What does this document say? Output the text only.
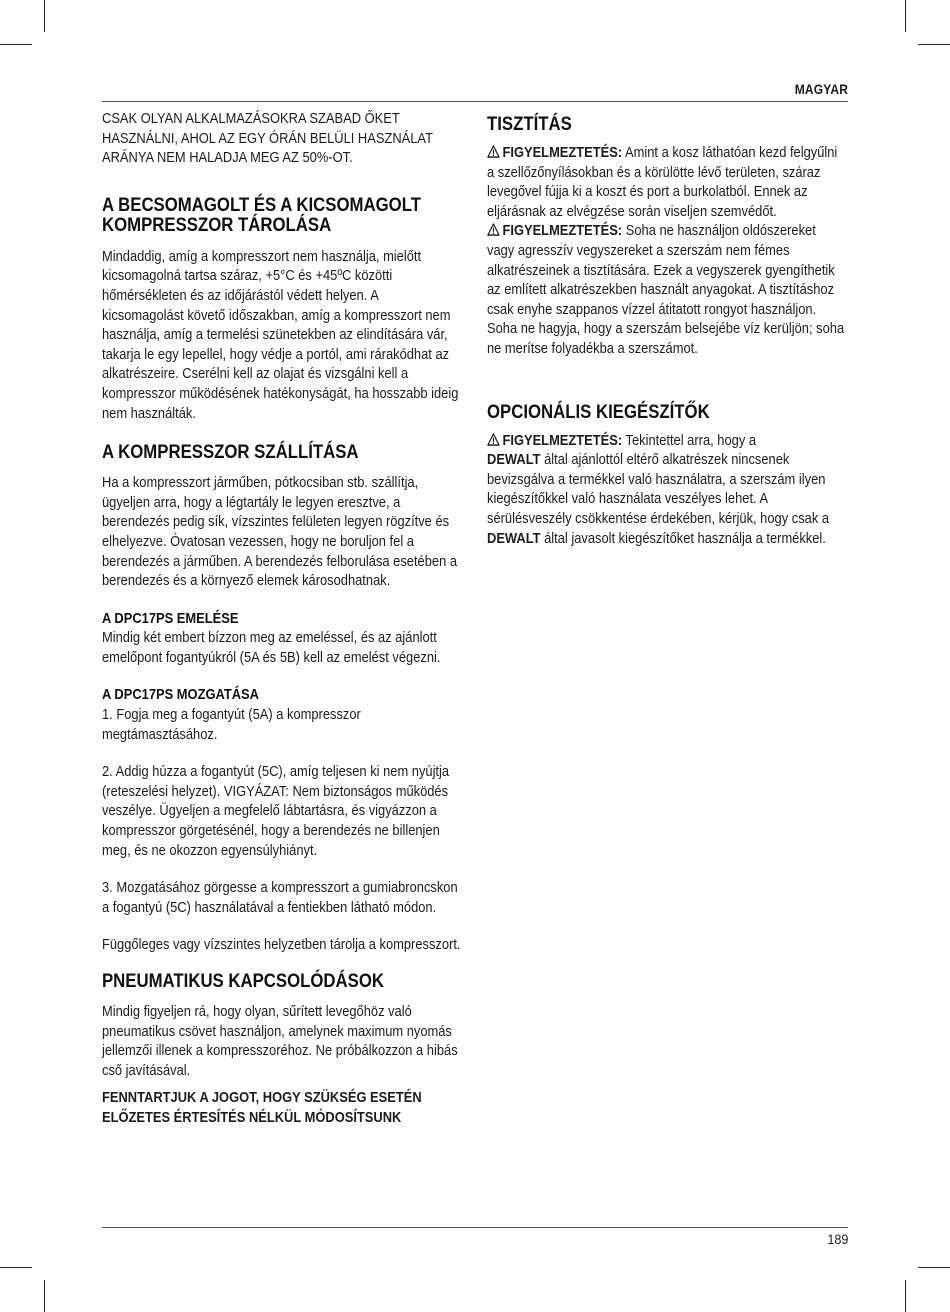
MAGYAR

CSAK OLYAN ALKALMAZÁSOKRA SZABAD ŐKET HASZNÁLNI, AHOL AZ EGY ÓRÁN BELÜLI HASZNÁLAT ARÁNYA NEM HALADJA MEG AZ 50%-OT.

A BECSOMAGOLT ÉS A KICSOMAGOLT KOMPRESSZOR TÁROLÁSA

Mindaddig, amíg a kompresszort nem használja, mielőtt kicsomagolná tartsa száraz, +5°C és +45ºC közötti hőmérsékleten és az időjárástól védett helyen. A kicsomagolást követő időszakban, amíg a kompresszort nem használja, amíg a termelési szünetekben az elindítására vár, takarja le egy lepellel, hogy védje a portól, ami rárakódhat az alkatrészeire. Cserélni kell az olajat és vizsgálni kell a kompresszor működésének hatékonyságát, ha hosszabb ideig nem használták.

A KOMPRESSZOR SZÁLLÍTÁSA

Ha a kompresszort járműben, pótkocsiban stb. szállítja, ügyeljen arra, hogy a légtartály le legyen eresztve, a berendezés pedig sík, vízszintes felületen legyen rögzítve és elhelyezve. Óvatosan vezessen, hogy ne boruljon fel a berendezés a járműben. A berendezés felborulása esetében a berendezés és a környező elemek károsodhatnak.

A DPC17PS EMELÉSE

Mindig két embert bízzon meg az emeléssel, és az ajánlott emelőpont fogantyúkról (5A és 5B) kell az emelést végezni.

A DPC17PS MOZGATÁSA

1. Fogja meg a fogantyút (5A) a kompresszor megtámasztásához.

2. Addig húzza a fogantyút (5C), amíg teljesen ki nem nyújtja (reteszelési helyzet). VIGYÁZAT: Nem biztonságos működés veszélye. Ügyeljen a megfelelő lábtartásra, és vigyázzon a kompresszor görgetésénél, hogy a berendezés ne billenjen meg, és ne okozzon egyensúlyhiányt.

3. Mozgatásához görgesse a kompresszort a gumiabroncskon a fogantyú (5C) használatával a fentiekben látható módon.

Függőleges vagy vízszintes helyzetben tárolja a kompresszort.

PNEUMATIKUS KAPCSOLÓDÁSOK

Mindig figyeljen rá, hogy olyan, sűrített levegőhöz való pneumatikus csövet használjon, amelynek maximum nyomás jellemzői illenek a kompresszoréhoz. Ne próbálkozzon a hibás cső javításával.

FENNTARTJUK A JOGOT, HOGY SZÜKSÉG ESETÉN ELŐZETES ÉRTESÍTÉS NÉLKÜL MÓDOSÍTSUNK

TISZTÍTÁS

FIGYELMEZTETÉS: Amint a kosz láthatóan kezd felgyűlni a szellőzőnyílásokban és a körülötte lévő területen, száraz levegővel fújja ki a koszt és port a burkolatból. Ennek az eljárásnak az elvégzése során viseljen szemvédőt.

FIGYELMEZTETÉS: Soha ne használjon oldószereket vagy agresszív vegyszereket a szerszám nem fémes alkatrészeinek a tisztítására. Ezek a vegyszerek gyengíthetik az említett alkatrészekben használt anyagokat. A tisztításhoz csak enyhe szappanos vízzel átitatott rongyot használjon. Soha ne hagyja, hogy a szerszám belsejébe víz kerüljön; soha ne merítse folyadékba a szerszámot.

OPCIONÁLIS KIEGÉSZÍTŐK

FIGYELMEZTETÉS: Tekintettel arra, hogy a
DEWALT által ajánlottól eltérő alkatrészek nincsenek bevizsgálva a termékkel való használatra, a szerszám ilyen kiegészítőkkel való használata veszélyes lehet. A sérülésveszély csökkentése érdekében, kérjük, hogy csak a DEWALT által javasolt kiegészítőket használja a termékkel.

189
